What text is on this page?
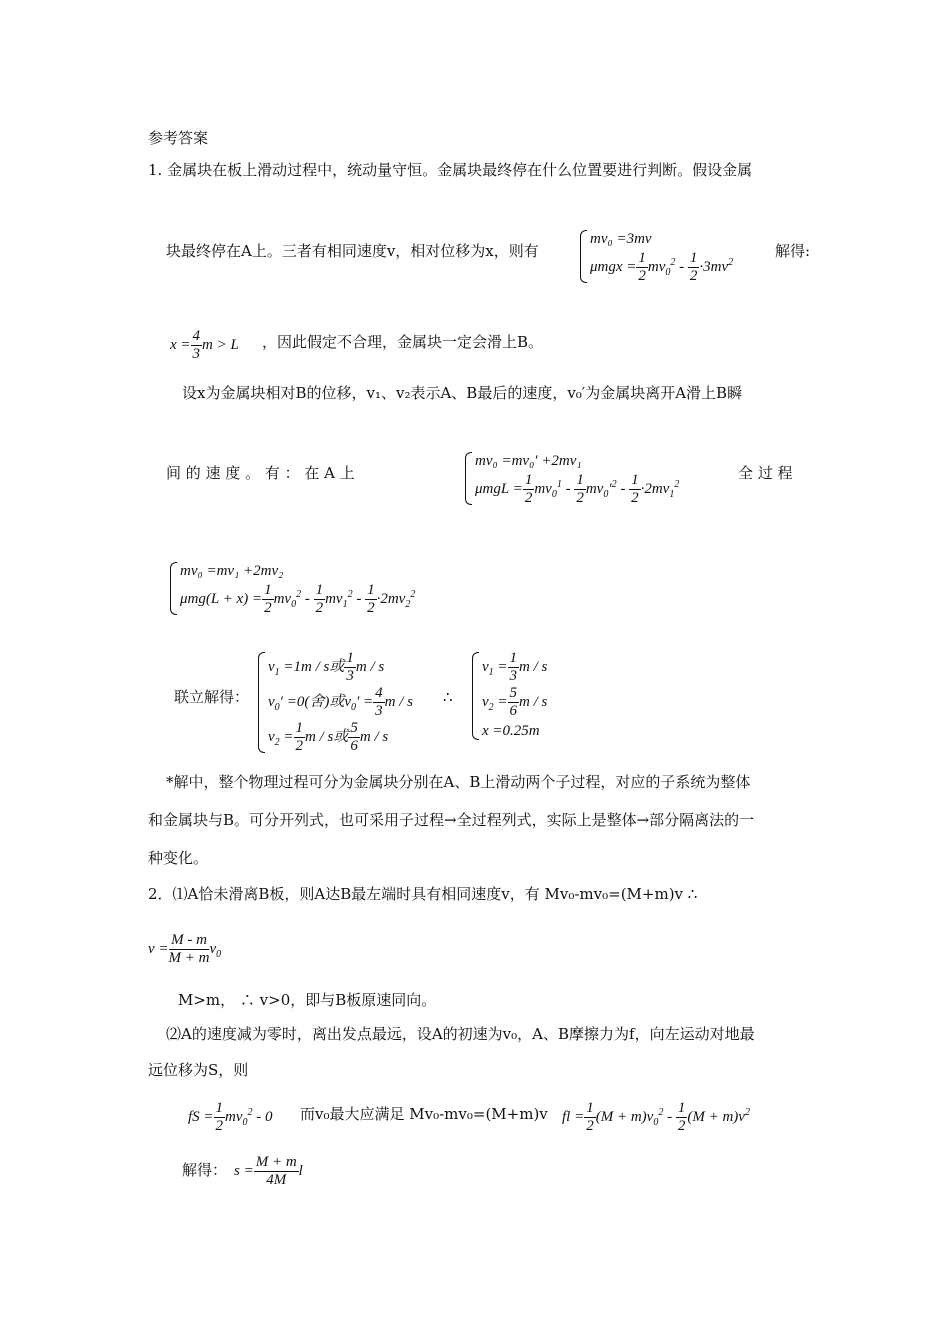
参考答案
1. 金属块在板上滑动过程中，统动量守恒。金属块最终停在什么位置要进行判断。假设金属
块最终停在A上。三者有相同速度v，相对位移为x，则有
mv₀ =3mv
$\mu mgx = \frac{1}{2} mv_0^2 - \frac{1}{2} \cdot 3mv^2$
解得:
$x = \frac{4}{3}$ m > L ，因此假定不合理，金属块一定会滑上B。
设x为金属块相对B的位移，v₁、v₂表示A、B最后的速度，v₀′为金属块离开A滑上B瞬
间 的 速 度 。 有 ： 在 A 上
mv₀ =mv₀′ +2mv₁
$\mu mgL = \frac{1}{2} mv_0^1 - \frac{1}{2} mv_0'^2 - \frac{1}{2} \cdot 2mv_1^2$
全 过 程
mv₀ =mv₁ +2mv₂
$\mu mg(L + x) = \frac{1}{2} mv_0^2 - \frac{1}{2} mv_1^2 - \frac{1}{2} \cdot 2mv_2^2$
联立解得：
$v_1 =1m / s$或 $\frac{1}{3}$ m / s
$v_0' =0$(舍)或$v_0' = \frac{4}{3}$ m / s
$v_2 = \frac{1}{2}$ m / s或 $\frac{5}{6}$ m / s
∴
$v_1 = \frac{1}{3}$ m / s
$v_2 = \frac{5}{6}$ m / s
x =0.25m
*解中，整个物理过程可分为金属块分别在A、B上滑动两个子过程，对应的子系统为整体
和金属块与B。可分开列式，也可采用子过程→全过程列式，实际上是整体→部分隔离法的一
种变化。
2．⑴A恰未滑离B板，则A达B最左端时具有相同速度v，有 Mv₀-mv₀=(M+m)v ∴
$v = \frac{M - m}{M + m} v_0$
M>m， ∴ v>0，即与B板原速同向。
⑵A的速度减为零时，离出发点最远，设A的初速为v₀，A、B摩擦力为f，向左运动对地最
远位移为S，则
fS = $\frac{1}{2} mv_0^2 - 0$ 而v₀最大应满足 Mv₀-mv₀=(M+m)v fl = $\frac{1}{2} (M + m)v_0^2 - \frac{1}{2} (M + m)v^2$
解得： $s = \frac{M + m}{4M}$ l
